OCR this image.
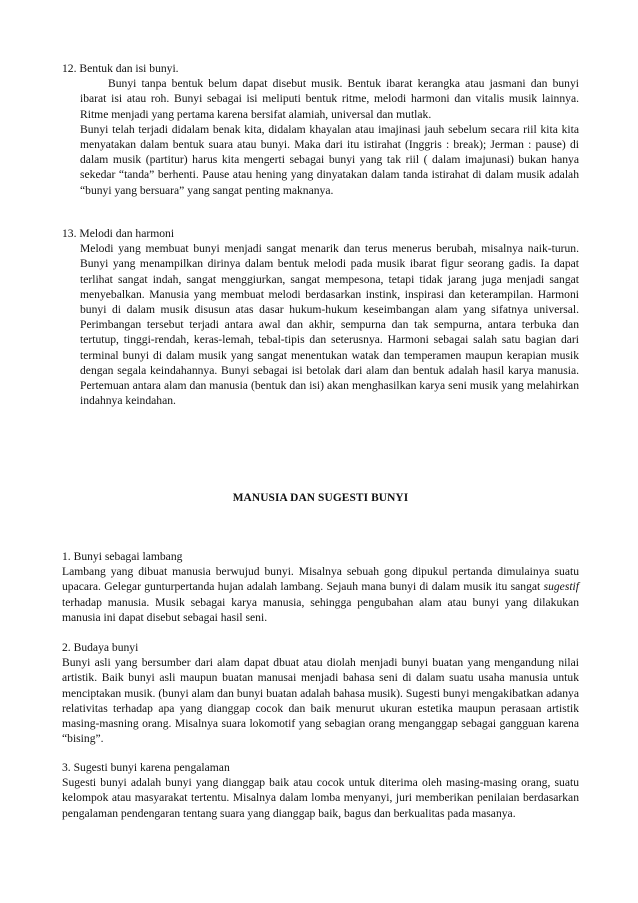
12. Bentuk dan isi bunyi.

Bunyi tanpa bentuk belum dapat disebut musik. Bentuk ibarat kerangka atau jasmani dan bunyi ibarat isi atau roh. Bunyi sebagai isi meliputi bentuk ritme, melodi harmoni dan vitalis musik lainnya. Ritme menjadi yang pertama karena bersifat alamiah, universal dan mutlak.

Bunyi telah terjadi didalam benak kita, didalam khayalan atau imajinasi jauh sebelum secara riil kita kita menyatakan dalam bentuk suara atau bunyi. Maka dari itu istirahat (Inggris : break); Jerman : pause) di dalam musik (partitur) harus kita mengerti sebagai bunyi yang tak riil ( dalam imajunasi) bukan hanya sekedar “tanda” berhenti. Pause atau hening yang dinyatakan dalam tanda istirahat di dalam musik adalah “bunyi yang bersuara” yang sangat penting maknanya.

13. Melodi dan harmoni

Melodi yang membuat bunyi menjadi sangat menarik dan terus menerus berubah, misalnya naik-turun. Bunyi yang menampilkan dirinya dalam bentuk melodi pada musik ibarat figur seorang gadis. Ia dapat terlihat sangat indah, sangat menggiurkan, sangat mempesona, tetapi tidak jarang juga menjadi sangat menyebalkan. Manusia yang membuat melodi berdasarkan instink, inspirasi dan keterampilan. Harmoni bunyi di dalam musik disusun atas dasar hukum-hukum keseimbangan alam yang sifatnya universal. Perimbangan tersebut terjadi antara awal dan akhir, sempurna dan tak sempurna, antara terbuka dan tertutup, tinggi-rendah, keras-lemah, tebal-tipis dan seterusnya. Harmoni sebagai salah satu bagian dari terminal bunyi di dalam musik yang sangat menentukan watak dan temperamen maupun kerapian musik dengan segala keindahannya. Bunyi sebagai isi betolak dari alam dan bentuk adalah hasil karya manusia. Pertemuan antara alam dan manusia (bentuk dan isi) akan menghasilkan karya seni musik yang melahirkan indahnya keindahan.

MANUSIA DAN SUGESTI BUNYI

1. Bunyi sebagai lambang

Lambang yang dibuat manusia berwujud bunyi. Misalnya sebuah gong dipukul pertanda dimulainya suatu upacara. Gelegar gunturpertanda hujan adalah lambang. Sejauh mana bunyi di dalam musik itu sangat sugestif terhadap manusia. Musik sebagai karya manusia, sehingga pengubahan alam atau bunyi yang dilakukan manusia ini dapat disebut sebagai hasil seni.

2. Budaya bunyi

Bunyi asli yang bersumber dari alam dapat dbuat atau diolah menjadi bunyi buatan yang mengandung nilai artistik. Baik bunyi asli maupun buatan manusai menjadi bahasa seni di dalam suatu usaha manusia untuk menciptakan musik. (bunyi alam dan bunyi buatan adalah bahasa musik). Sugesti bunyi mengakibatkan adanya relativitas terhadap apa yang dianggap cocok dan baik menurut ukuran estetika maupun perasaan artistik masing-masning orang. Misalnya suara lokomotif yang sebagian orang menganggap sebagai gangguan karena “bising”.

3. Sugesti bunyi karena pengalaman

Sugesti bunyi adalah bunyi yang dianggap baik atau cocok untuk diterima oleh masing-masing orang, suatu kelompok atau masyarakat tertentu. Misalnya dalam lomba menyanyi, juri memberikan penilaian berdasarkan pengalaman pendengaran tentang suara yang dianggap baik, bagus dan berkualitas pada masanya.
